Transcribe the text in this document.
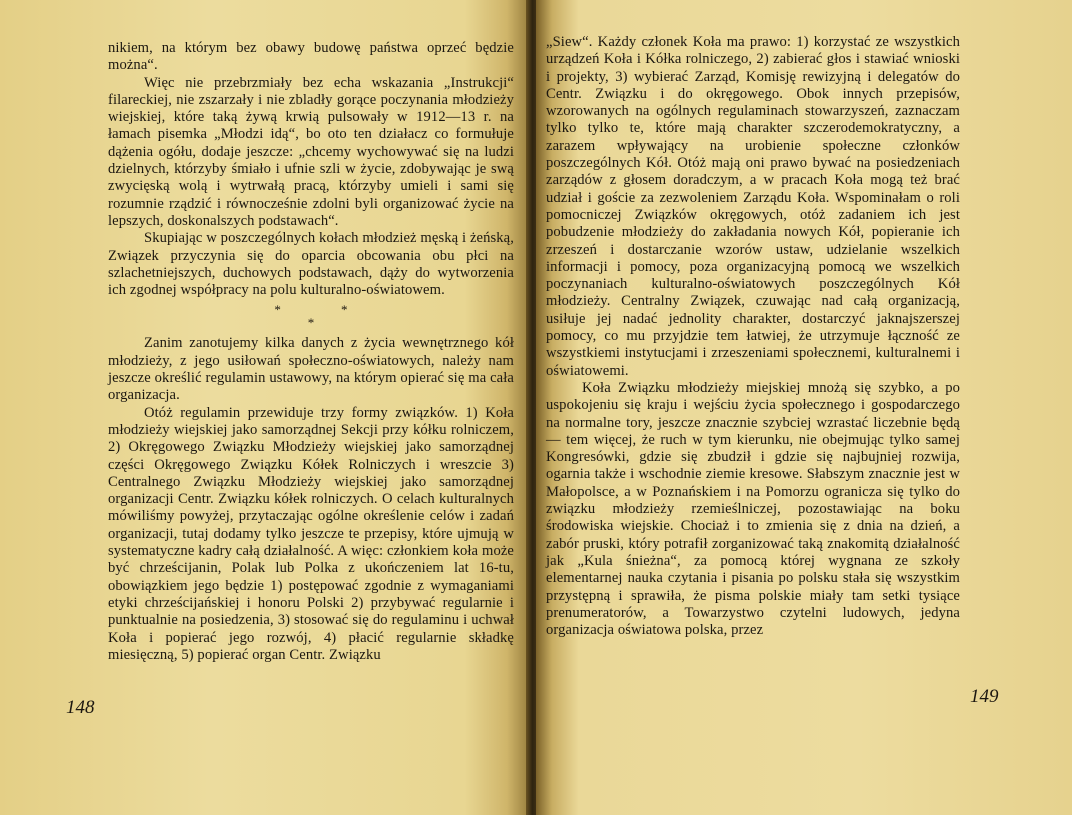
nikiem, na którym bez obawy budowę państwa oprzeć będzie można“.

Więc nie przebrzmiały bez echa wskazania „Instrukcji“ filareckiej, nie zszarzały i nie zbladły gorące poczynania młodzieży wiejskiej, które taką żywą krwią pulsowały w 1912—13 r. na łamach pisemka „Młodzi idą“, bo oto ten działacz co formułuje dążenia ogółu, dodaje jeszcze: „chcemy wychowywać się na ludzi dzielnych, którzyby śmiało i ufnie szli w życie, zdobywając je swą zwycięską wolą i wytrwałą pracą, którzyby umieli i sami się rozumnie rządzić i równocześnie zdolni byli organizować życie na lepszych, doskonalszych podstawach“.

Skupiając w poszczególnych kołach młodzież męską i żeńską, Związek przyczynia się do oparcia obcowania obu płci na szlachetniejszych, duchowych podstawach, dąży do wytworzenia ich zgodnej współpracy na polu kulturalno-oświatowem.

*	*
*

Zanim zanotujemy kilka danych z życia wewnętrznego kół młodzieży, z jego usiłowań społeczno-oświatowych, należy nam jeszcze określić regulamin ustawowy, na którym opierać się ma cała organizacja.

Otóż regulamin przewiduje trzy formy związków. 1) Koła młodzieży wiejskiej jako samorządnej Sekcji przy kółku rolniczem, 2) Okręgowego Związku Młodzieży wiejskiej jako samorządnej części Okręgowego Związku Kółek Rolniczych i wreszcie 3) Centralnego Związku Młodzieży wiejskiej jako samorządnej organizacji Centr. Związku kółek rolniczych. O celach kulturalnych mówiliśmy powyżej, przytaczając ogólne określenie celów i zadań organizacji, tutaj dodamy tylko jeszcze te przepisy, które ujmują w systematyczne kadry całą działalność. A więc: członkiem koła może być chrześcijanin, Polak lub Polka z ukończeniem lat 16-tu, obowiązkiem jego będzie 1) postępować zgodnie z wymaganiami etyki chrześcijańskiej i honoru Polski 2) przybywać regularnie i punktualnie na posiedzenia, 3) stosować się do regulaminu i uchwał Koła i popierać jego rozwój, 4) płacić regularnie składkę miesięczną, 5) popierać organ Centr. Związku

148

„Siew“. Każdy członek Koła ma prawo: 1) korzystać ze wszystkich urządzeń Koła i Kółka rolniczego, 2) zabierać głos i stawiać wnioski i projekty, 3) wybierać Zarząd, Komisję rewizyjną i delegatów do Centr. Związku i do okręgowego. Obok innych przepisów, wzorowanych na ogólnych regulaminach stowarzyszeń, zaznaczam tylko tylko te, które mają charakter szczerodemokratyczny, a zarazem wpływający na urobienie społeczne członków poszczególnych Kół. Otóż mają oni prawo bywać na posiedzeniach zarządów z głosem doradczym, a w pracach Koła mogą też brać udział i goście za zezwoleniem Zarządu Koła. Wspominałam o roli pomocniczej Związków okręgowych, otóż zadaniem ich jest pobudzenie młodzieży do zakładania nowych Kół, popieranie ich zrzeszeń i dostarczanie wzorów ustaw, udzielanie wszelkich informacji i pomocy, poza organizacyjną pomocą we wszelkich poczynaniach kulturalno-oświatowych poszczególnych Kół młodzieży. Centralny Związek, czuwając nad całą organizacją, usiłuje jej nadać jednolity charakter, dostarczyć jaknajszerszej pomocy, co mu przyjdzie tem łatwiej, że utrzymuje łączność ze wszystkiemi instytucjami i zrzeszeniami społecznemi, kulturalnemi i oświatowemi.

Koła Związku młodzieży miejskiej mnożą się szybko, a po uspokojeniu się kraju i wejściu życia społecznego i gospodarczego na normalne tory, jeszcze znacznie szybciej wzrastać liczebnie będą — tem więcej, że ruch w tym kierunku, nie obejmując tylko samej Kongresówki, gdzie się zbudził i gdzie się najbujniej rozwija, ogarnia także i wschodnie ziemie kresowe. Słabszym znacznie jest w Małopolsce, a w Poznańskiem i na Pomorzu ogranicza się tylko do związku młodzieży rzemieślniczej, pozostawiając na boku środowiska wiejskie. Chociaż i to zmienia się z dnia na dzień, a zabór pruski, który potrafił zorganizować taką znakomitą działalność jak „Kula śnieżna“, za pomocą której wygnana ze szkoły elementarnej nauka czytania i pisania po polsku stała się wszystkim przystępną i sprawiła, że pisma polskie miały tam setki tysiące prenumeratorów, a Towarzystwo czytelni ludowych, jedyna organizacja oświatowa polska, przez

149
